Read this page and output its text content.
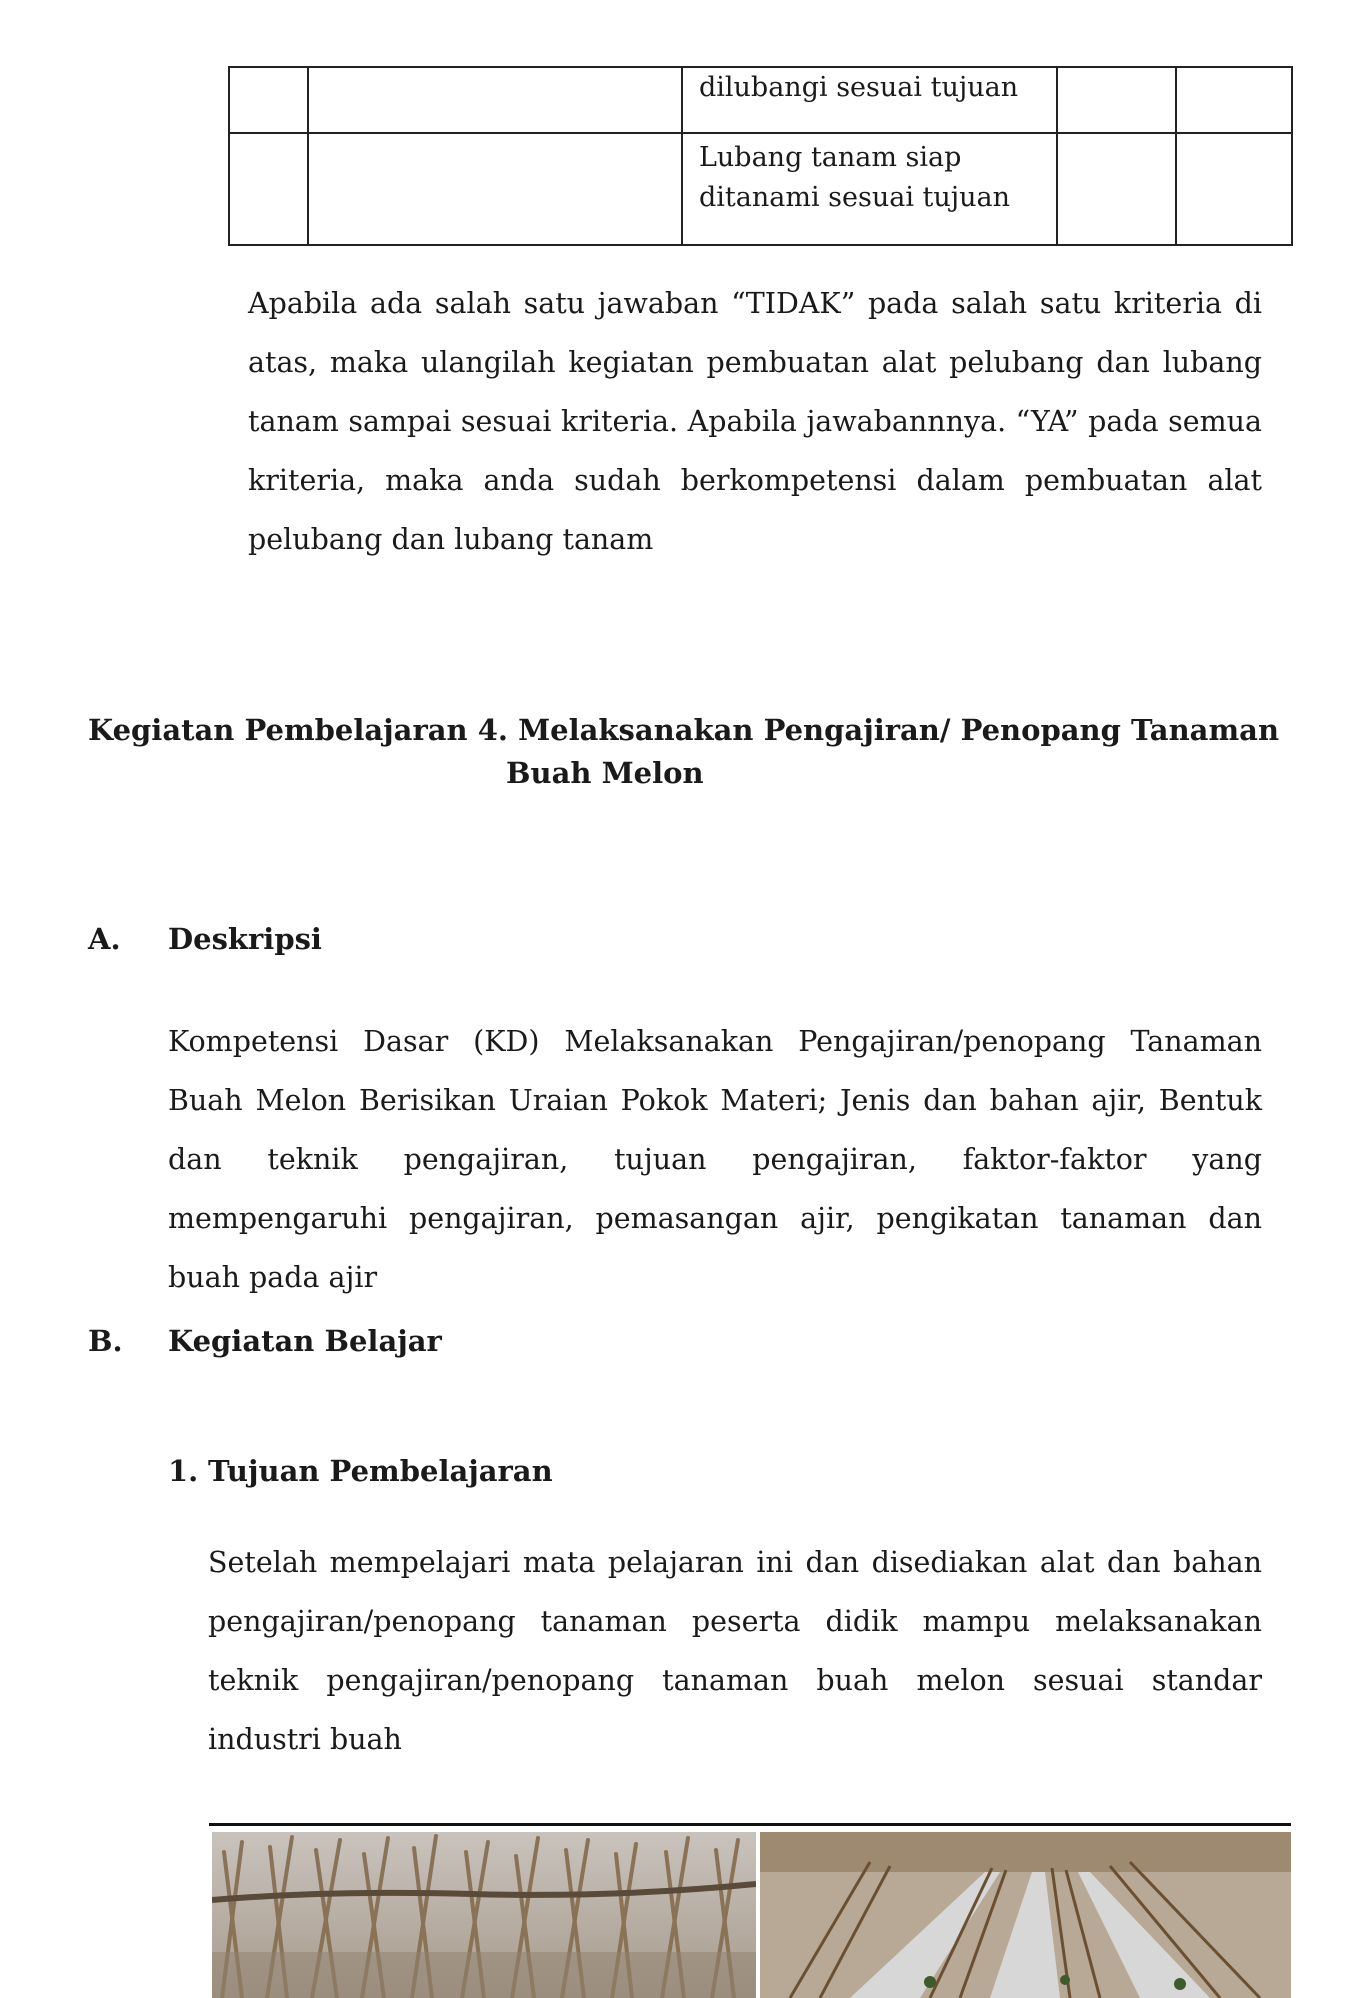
		dilubangi sesuai tujuan		
		Lubang tanam siap ditanami sesuai tujuan		

Apabila ada salah satu jawaban “TIDAK” pada salah satu kriteria di atas, maka ulangilah kegiatan pembuatan alat pelubang dan lubang tanam sampai sesuai kriteria. Apabila jawabannnya. “YA” pada semua kriteria, maka anda sudah berkompetensi dalam pembuatan alat pelubang dan lubang tanam

Kegiatan Pembelajaran 4. Melaksanakan Pengajiran/ Penopang Tanaman
Buah Melon
A. Deskripsi

Kompetensi Dasar (KD) Melaksanakan Pengajiran/penopang Tanaman Buah Melon Berisikan Uraian Pokok Materi; Jenis dan bahan ajir, Bentuk dan teknik pengajiran, tujuan pengajiran, faktor-faktor yang mempengaruhi pengajiran, pemasangan ajir, pengikatan tanaman dan buah pada ajir

B. Kegiatan Belajar
1. Tujuan Pembelajaran

Setelah mempelajari mata pelajaran ini dan disediakan alat dan bahan pengajiran/penopang tanaman peserta didik mampu melaksanakan teknik pengajiran/penopang tanaman buah melon sesuai standar industri buah
